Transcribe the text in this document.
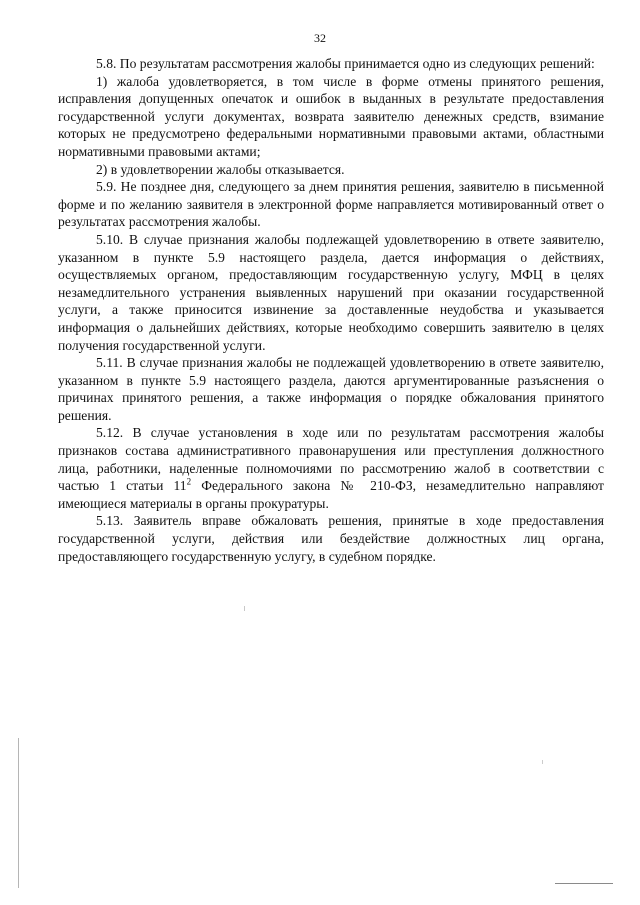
32

5.8. По результатам рассмотрения жалобы принимается одно из следующих решений:

1) жалоба удовлетворяется, в том числе в форме отмены принятого решения, исправления допущенных опечаток и ошибок в выданных в результате предоставления государственной услуги документах, возврата заявителю денежных средств, взимание которых не предусмотрено федеральными нормативными правовыми актами, областными нормативными правовыми актами;

2) в удовлетворении жалобы отказывается.

5.9. Не позднее дня, следующего за днем принятия решения, заявителю в письменной форме и по желанию заявителя в электронной форме направляется мотивированный ответ о результатах рассмотрения жалобы.

5.10. В случае признания жалобы подлежащей удовлетворению в ответе заявителю, указанном в пункте 5.9 настоящего раздела, дается информация о действиях, осуществляемых органом, предоставляющим государственную услугу, МФЦ в целях незамедлительного устранения выявленных нарушений при оказании государственной услуги, а также приносится извинение за доставленные неудобства и указывается информация о дальнейших действиях, которые необходимо совершить заявителю в целях получения государственной услуги.

5.11. В случае признания жалобы не подлежащей удовлетворению в ответе заявителю, указанном в пункте 5.9 настоящего раздела, даются аргументированные разъяснения о причинах принятого решения, а также информация о порядке обжалования принятого решения.

5.12. В случае установления в ходе или по результатам рассмотрения жалобы признаков состава административного правонарушения или преступления должностного лица, работники, наделенные полномочиями по рассмотрению жалоб в соответствии с частью 1 статьи $11^2$ Федерального закона № 210-ФЗ, незамедлительно направляют имеющиеся материалы в органы прокуратуры.

5.13. Заявитель вправе обжаловать решения, принятые в ходе предоставления государственной услуги, действия или бездействие должностных лиц органа, предоставляющего государственную услугу, в судебном порядке.
